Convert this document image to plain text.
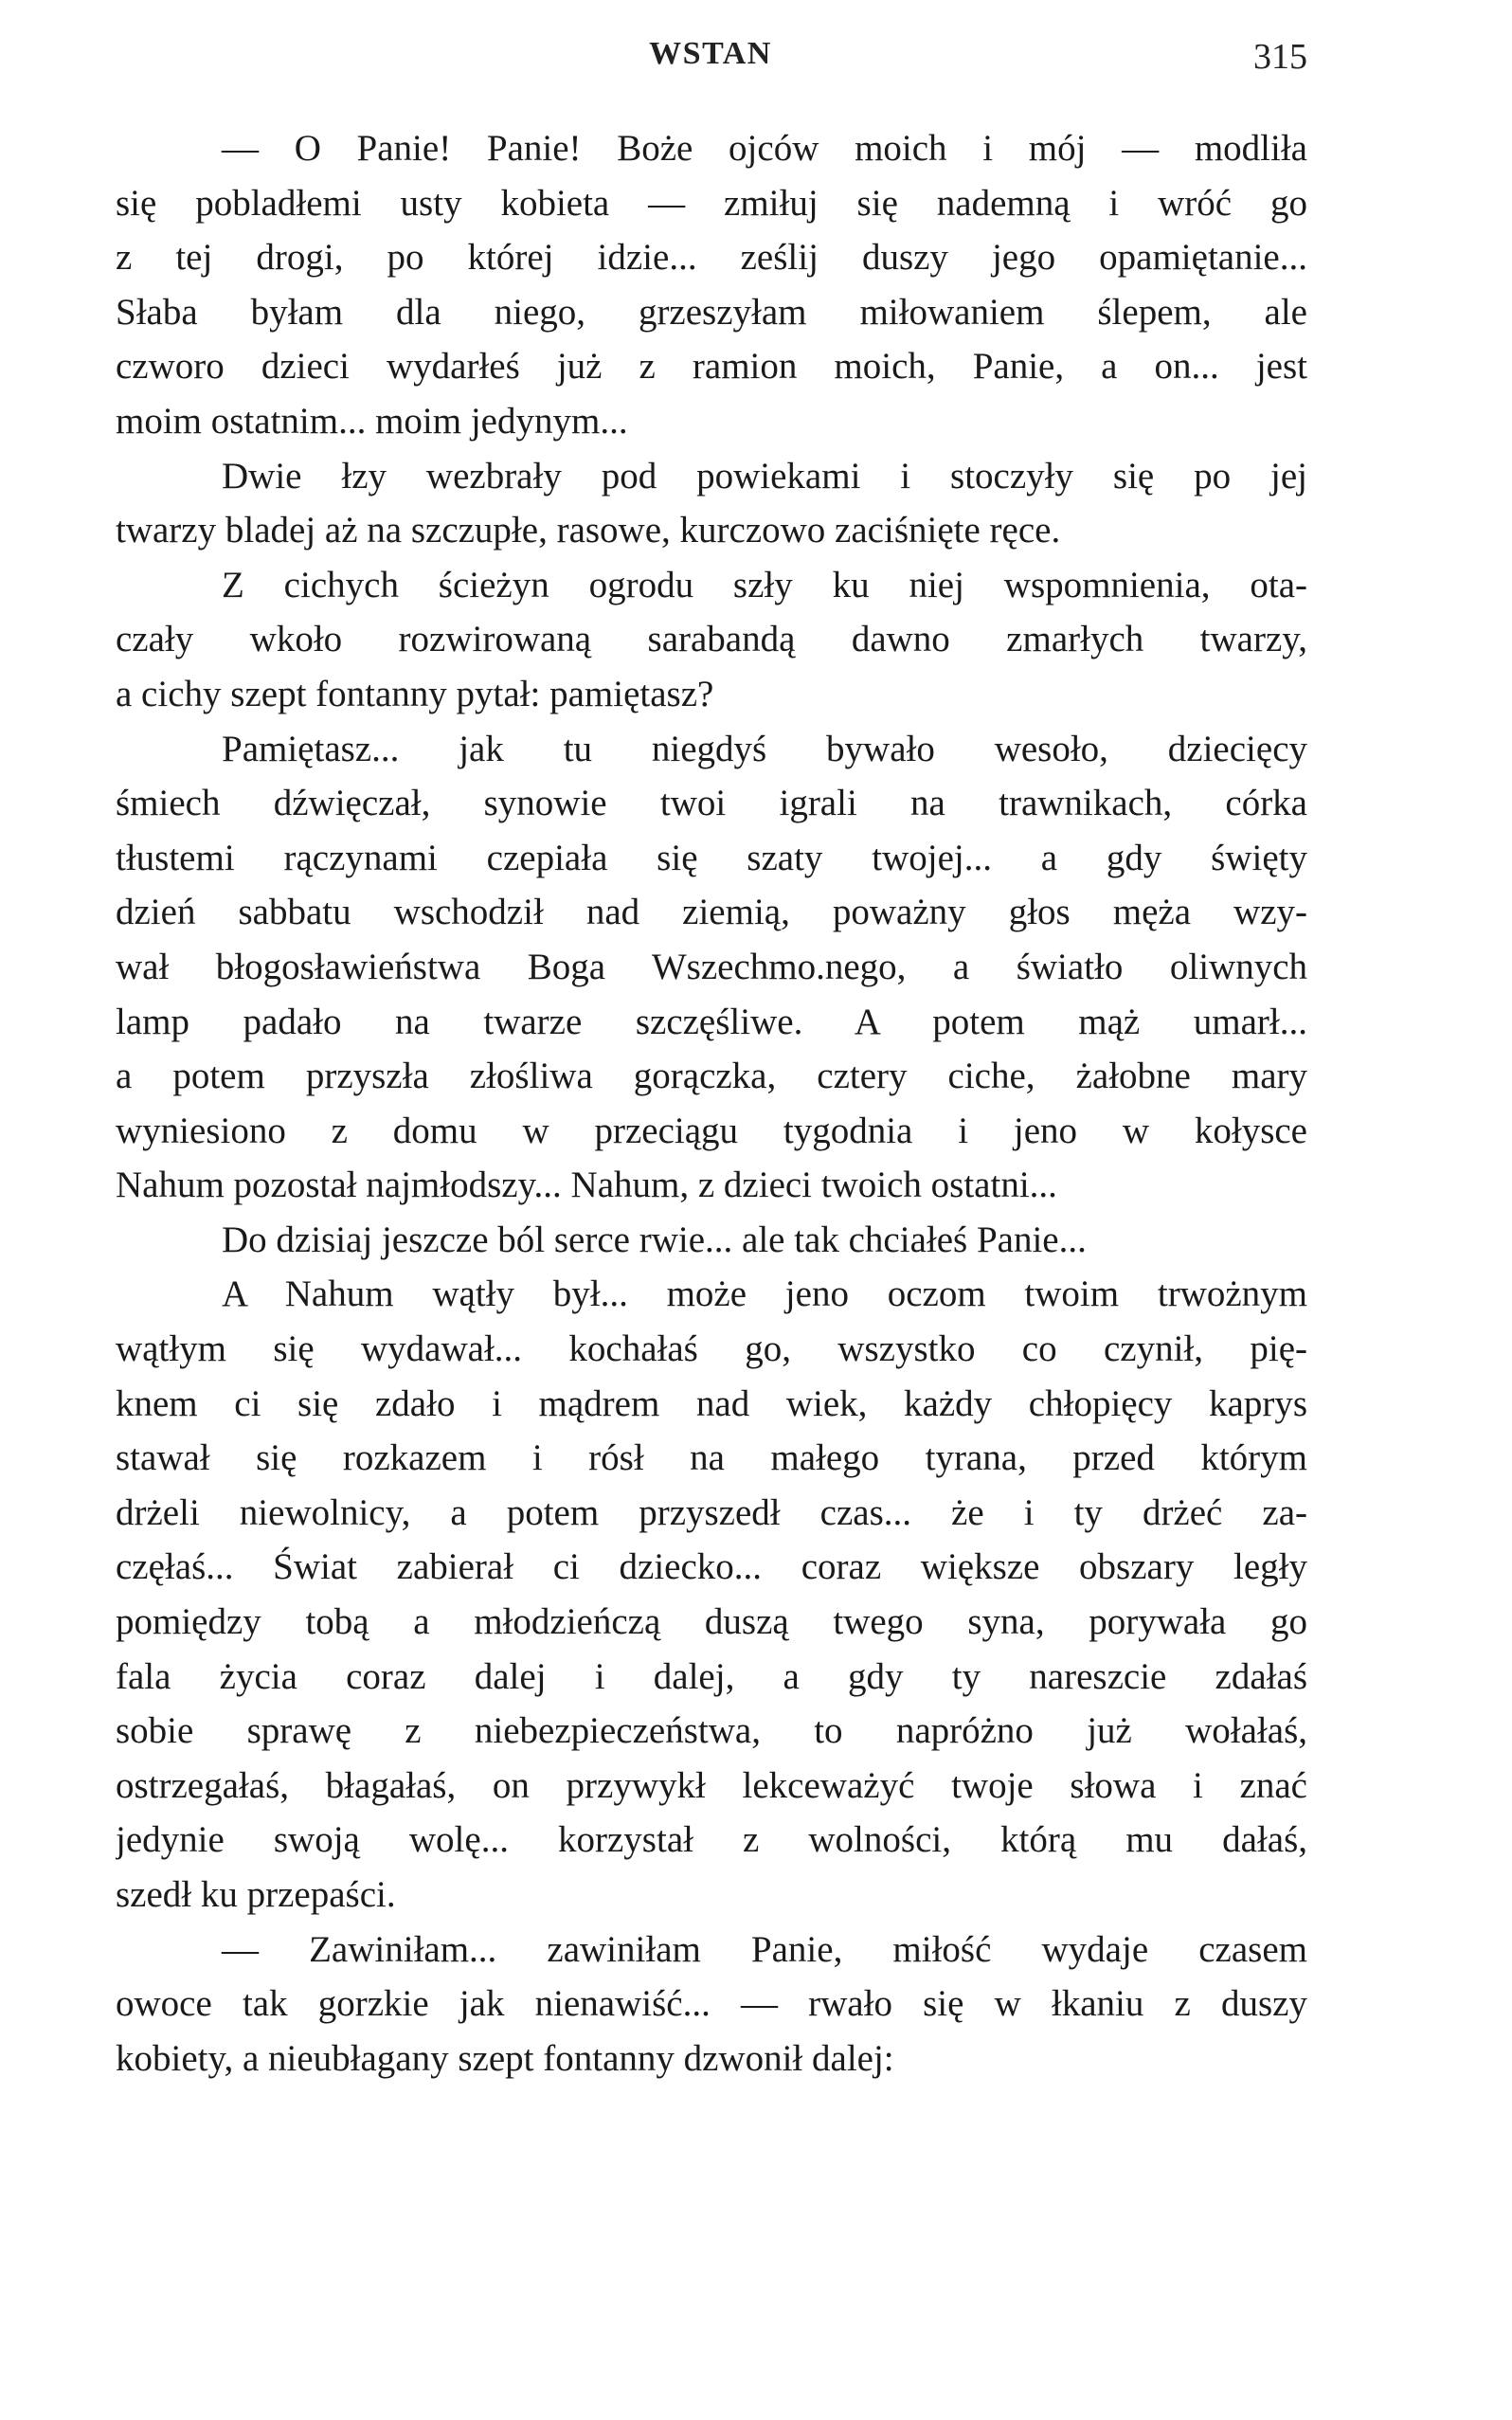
WSTAN	315
— O Panie! Panie! Boże ojców moich i mój — modliła
się pobladłemi usty kobieta — zmiłuj się nademną i wróć go
z tej drogi, po której idzie... ześlij duszy jego opamiętanie...
Słaba byłam dla niego, grzeszyłam miłowaniem ślepem, ale
czworo dzieci wydarłeś już z ramion moich, Panie, a on... jest
moim ostatnim... moim jedynym...
Dwie łzy wezbrały pod powiekami i stoczyły się po jej
twarzy bladej aż na szczupłe, rasowe, kurczowo zaciśnięte ręce.
Z cichych ścieżyn ogrodu szły ku niej wspomnienia, ota-
czały wkoło rozwirowaną sarabandą dawno zmarłych twarzy,
a cichy szept fontanny pytał: pamiętasz?
Pamiętasz... jak tu niegdyś bywało wesoło, dziecięcy
śmiech dźwięczał, synowie twoi igrali na trawnikach, córka
tłustemi rączynami czepiała się szaty twojej... a gdy święty
dzień sabbatu wschodził nad ziemią, poważny głos męża wzy-
wał błogosławieństwa Boga Wszechmo.nego, a światło oliwnych
lamp padało na twarze szczęśliwe. A potem mąż umarł...
a potem przyszła złośliwa gorączka, cztery ciche, żałobne mary
wyniesiono z domu w przeciągu tygodnia i jeno w kołysce
Nahum pozostał najmłodszy... Nahum, z dzieci twoich ostatni...
Do dzisiaj jeszcze ból serce rwie... ale tak chciałeś Panie...
A Nahum wątły był... może jeno oczom twoim trwożnym
wątłym się wydawał... kochałaś go, wszystko co czynił, pię-
knem ci się zdało i mądrem nad wiek, każdy chłopięcy kaprys
stawał się rozkazem i rósł na małego tyrana, przed którym
drżeli niewolnicy, a potem przyszedł czas... że i ty drżeć za-
częłaś... Świat zabierał ci dziecko... coraz większe obszary legły
pomiędzy tobą a młodzieńczą duszą twego syna, porywała go
fala życia coraz dalej i dalej, a gdy ty nareszcie zdałaś
sobie sprawę z niebezpieczeństwa, to napróżno już wołałaś,
ostrzegałaś, błagałaś, on przywykł lekceważyć twoje słowa i znać
jedynie swoją wolę... korzystał z wolności, którą mu dałaś,
szedł ku przepaści.
— Zawiniłam... zawiniłam Panie, miłość wydaje czasem
owoce tak gorzkie jak nienawiść... — rwało się w łkaniu z duszy
kobiety, a nieubłagany szept fontanny dzwonił dalej:
